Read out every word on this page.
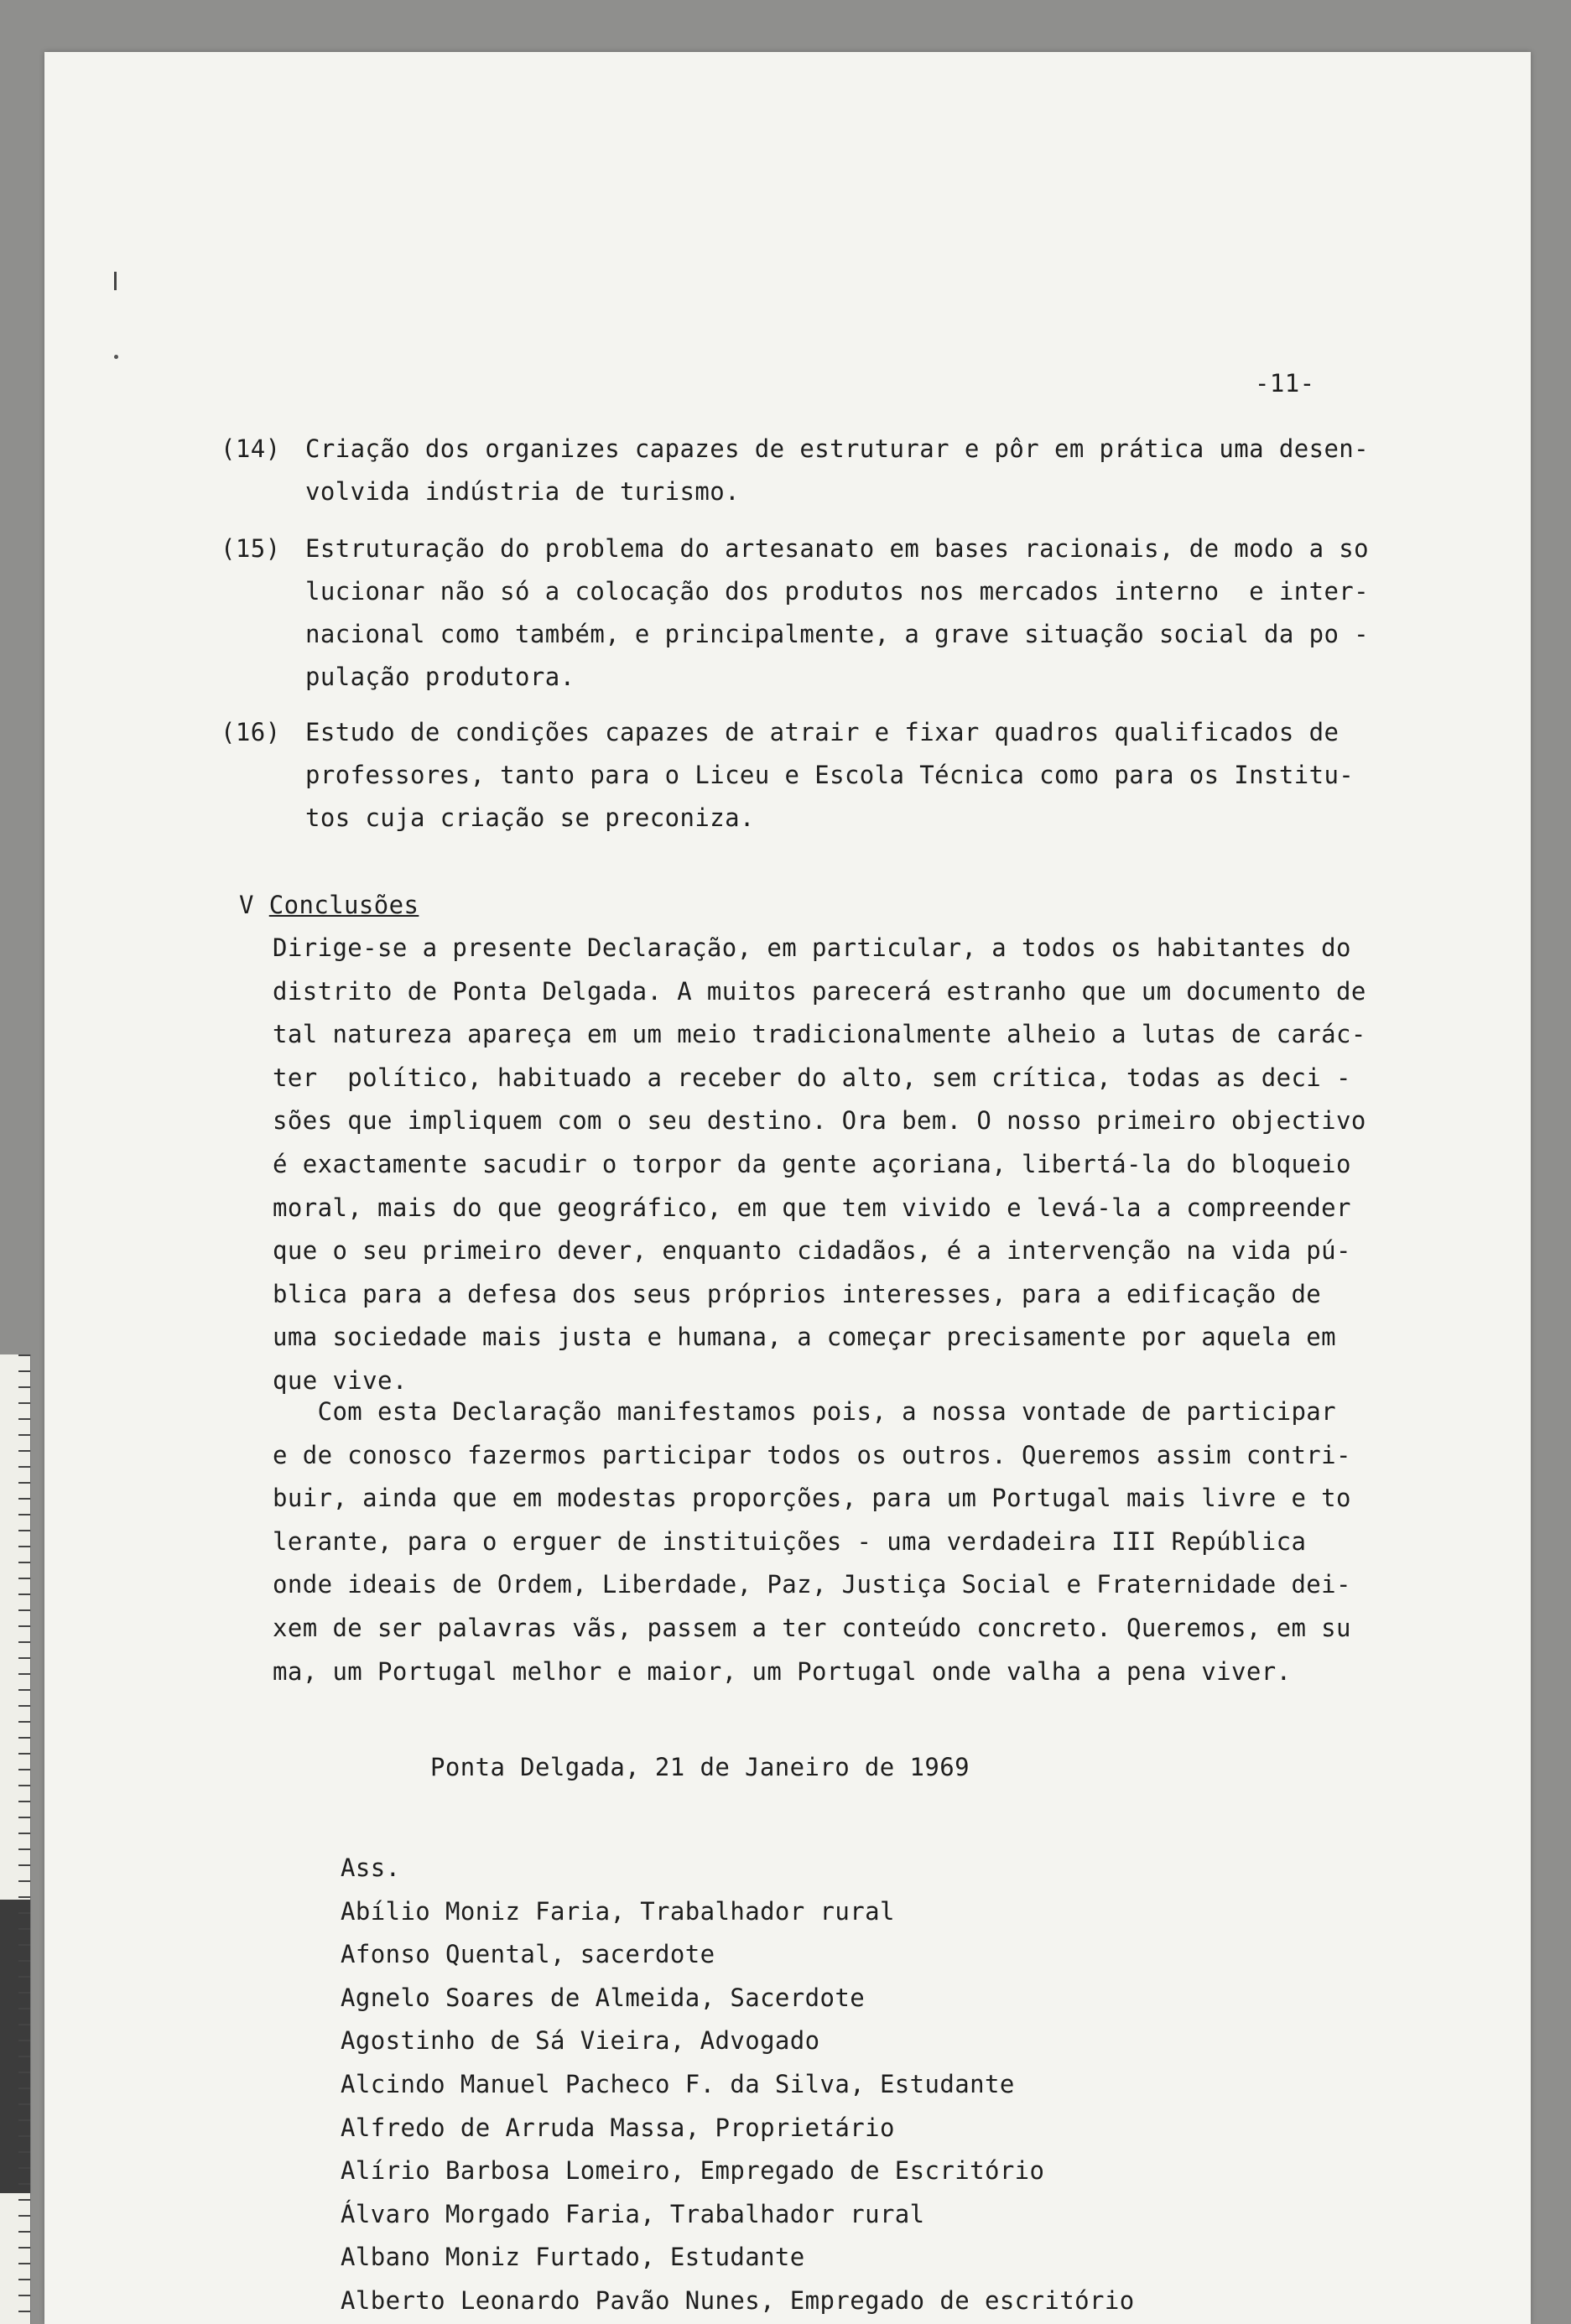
-11-
(14) Criação dos organizes capazes de estruturar e pôr em prática uma desen-
volvida indústria de turismo.
(15) Estruturação do problema do artesanato em bases racionais, de modo a so
lucionar não só a colocação dos produtos nos mercados interno  e inter-
nacional como também, e principalmente, a grave situação social da po -
pulação produtora.
(16) Estudo de condições capazes de atrair e fixar quadros qualificados de
professores, tanto para o Liceu e Escola Técnica como para os Institu-
tos cuja criação se preconiza.
V Conclusões
Dirige-se a presente Declaração, em particular, a todos os habitantes do
distrito de Ponta Delgada. A muitos parecerá estranho que um documento de
tal natureza apareça em um meio tradicionalmente alheio a lutas de carác-
ter  político, habituado a receber do alto, sem crítica, todas as deci -
sões que impliquem com o seu destino. Ora bem. O nosso primeiro objectivo
é exactamente sacudir o torpor da gente açoriana, libertá-la do bloqueio
moral, mais do que geográfico, em que tem vivido e levá-la a compreender
que o seu primeiro dever, enquanto cidadãos, é a intervenção na vida pú-
blica para a defesa dos seus próprios interesses, para a edificação de
uma sociedade mais justa e humana, a começar precisamente por aquela em
que vive.
Com esta Declaração manifestamos pois, a nossa vontade de participar
e de conosco fazermos participar todos os outros. Queremos assim contri-
buir, ainda que em modestas proporções, para um Portugal mais livre e to
lerante, para o erguer de instituições - uma verdadeira III República
onde ideais de Ordem, Liberdade, Paz, Justiça Social e Fraternidade dei-
xem de ser palavras vãs, passem a ter conteúdo concreto. Queremos, em su
ma, um Portugal melhor e maior, um Portugal onde valha a pena viver.
Ponta Delgada, 21 de Janeiro de 1969
Ass.
Abílio Moniz Faria, Trabalhador rural
Afonso Quental, sacerdote
Agnelo Soares de Almeida, Sacerdote
Agostinho de Sá Vieira, Advogado
Alcindo Manuel Pacheco F. da Silva, Estudante
Alfredo de Arruda Massa, Proprietário
Alírio Barbosa Lomeiro, Empregado de Escritório
Álvaro Morgado Faria, Trabalhador rural
Albano Moniz Furtado, Estudante
Alberto Leonardo Pavão Nunes, Empregado de escritório
